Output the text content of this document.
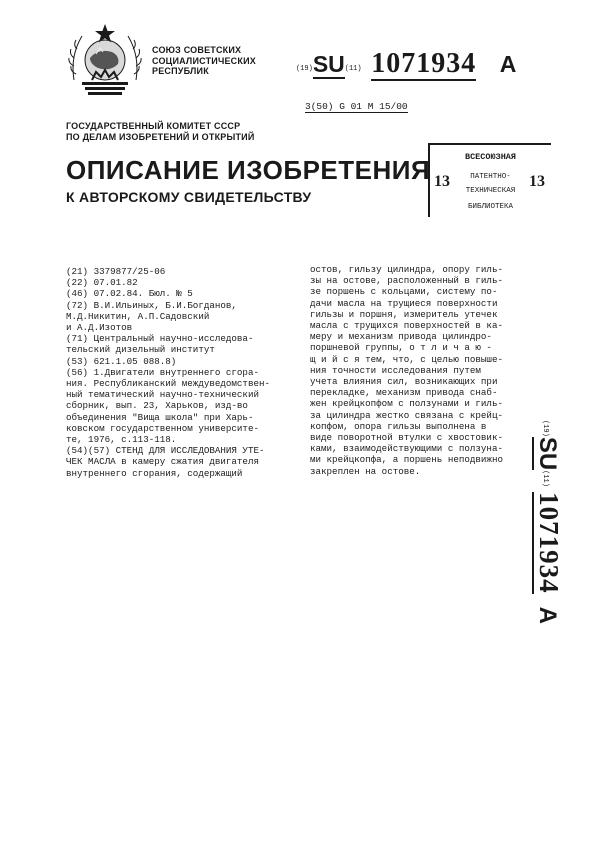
СОЮЗ СОВЕТСКИХ
СОЦИАЛИСТИЧЕСКИХ
РЕСПУБЛИК	(19)SU(11) 1071934 A
3(50) G 01 M 15/00
ГОСУДАРСТВЕННЫЙ КОМИТЕТ СССР
ПО ДЕЛАМ ИЗОБРЕТЕНИЙ И ОТКРЫТИЙ
ОПИСАНИЕ ИЗОБРЕТЕНИЯ
К АВТОРСКОМУ СВИДЕТЕЛЬСТВУ
ВСЕСОЮЗНАЯ
ПАТЕНТНО-
ТЕХНИЧЕСКАЯ
БИБЛИОТЕКА
13	13
(21) 3379877/25-06
(22) 07.01.82
(46) 07.02.84. Бюл. № 5
(72) В.И.Ильиных, Б.И.Богданов,
М.Д.Никитин, А.П.Садовский
и А.Д.Изотов
(71) Центральный научно-исследова-
тельский дизельный институт
(53) 621.1.05 088.8)
(56) 1.Двигатели внутреннего сгора-
ния. Республиканский междуведомствен-
ный тематический научно-технический
сборник, вып. 23, Харьков, изд-во
объединения "Вища школа" при Харь-
ковском государственном университе-
те, 1976, с.113-118.
(54)(57) СТЕНД ДЛЯ ИССЛЕДОВАНИЯ УТЕ-
ЧЕК МАСЛА в камеру сжатия двигателя
внутреннего сгорания, содержащий
остов, гильзу цилиндра, опору гиль-
зы на остове, расположенный в гиль-
зе поршень с кольцами, систему по-
дачи масла на трущиеся поверхности
гильзы и поршня, измеритель утечек
масла с трущихся поверхностей в ка-
меру и механизм привода цилиндро-
поршневой группы, о т л и ч а ю -
щ и й с я тем, что, с целью повыше-
ния точности исследования путем
учета влияния сил, возникающих при
перекладке, механизм привода снаб-
жен крейцкопфом с ползунами и гиль-
за цилиндра жестко связана с крейц-
копфом, опора гильзы выполнена в
виде поворотной втулки с хвостовик-
ками, взаимодействующими с ползуна-
ми крейцкопфа, а поршень неподвижно
закреплен на остове.
$^{(19)}$SU$^{(11)}$ 1071934 A
